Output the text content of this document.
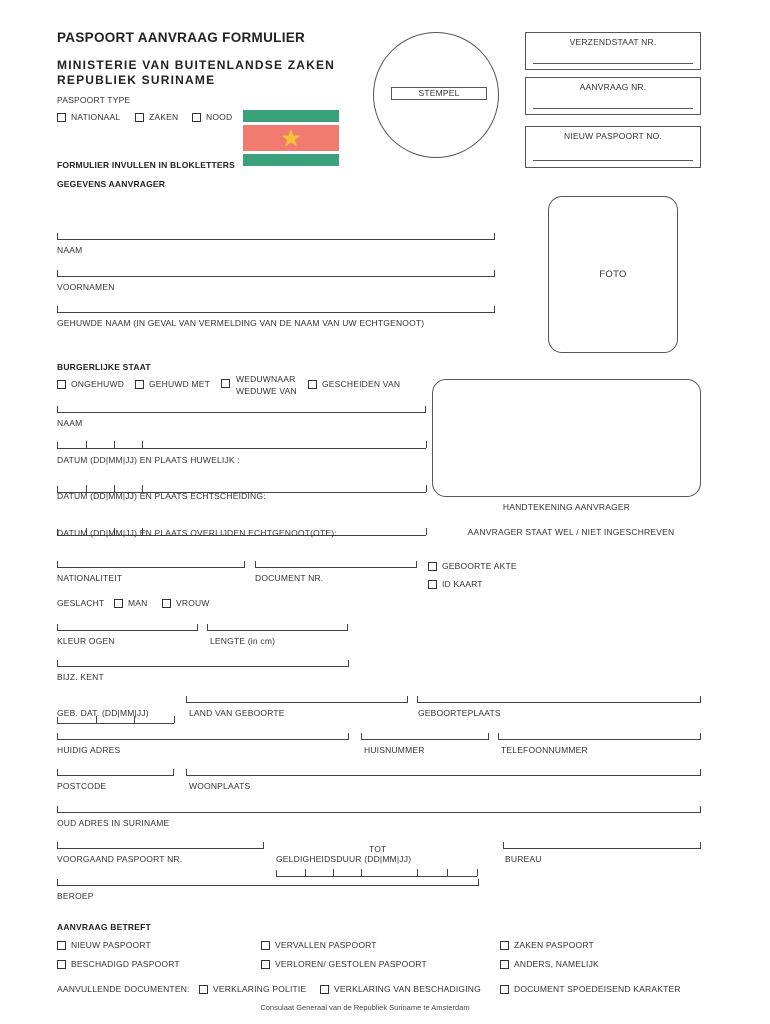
PASPOORT AANVRAAG FORMULIER
MINISTERIE VAN BUITENLANDSE ZAKEN
REPUBLIEK SURINAME
PASPOORT TYPE
NATIONAAL	ZAKEN	NOOD
STEMPEL
FORMULIER INVULLEN IN BLOKLETTERS
VERZENDSTAAT NR.
AANVRAAG NR.
NIEUW PASPOORT NO.
GEGEVENS AANVRAGER
NAAM
VOORNAMEN
GEHUWDE NAAM (IN GEVAL VAN VERMELDING VAN DE NAAM VAN UW ECHTGENOOT)
FOTO
BURGERLIJKE STAAT
ONGEHUWD	GEHUWD MET	WEDUWNAAR
WEDUWE VAN
GESCHEIDEN VAN
NAAM
DATUM (DD|MM|JJ) EN PLAATS HUWELIJK :
DATUM (DD|MM|JJ) EN PLAATS ECHTSCHEIDING:
DATUM (DD|MM|JJ) EN PLAATS OVERLIJDEN ECHTGENOOT(OTE):
HANDTEKENING AANVRAGER
AANVRAGER STAAT WEL / NIET INGESCHREVEN
NATIONALITEIT	DOCUMENT NR.
GEBOORTE AKTE
ID KAART
GESLACHT	MAN	VROUW
KLEUR OGEN	LENGTE (in cm)
BIJZ. KENT
GEB. DAT. (DD|MM|JJ)	LAND VAN GEBOORTE	GEBOORTEPLAATS
HUIDIG ADRES	HUISNUMMER	TELEFOONNUMMER
POSTCODE	WOONPLAATS
OUD ADRES IN SURINAME
VOORGAAND PASPOORT NR.
TOT
GELDIGHEIDSDUUR (DD|MM|JJ)	BUREAU
BEROEP
AANVRAAG BETREFT
NIEUW PASPOORT	VERVALLEN PASPOORT	ZAKEN PASPOORT
BESCHADIGD PASPOORT	VERLOREN/ GESTOLEN PASPOORT	ANDERS, NAMELIJK
AANVULLENDE DOCUMENTEN:	VERKLARING POLITIE	VERKLARING VAN BESCHADIGING	DOCUMENT SPOEDEISEND KARAKTER
Consulaat Generaal van de Republiek Suriname te Amsterdam
